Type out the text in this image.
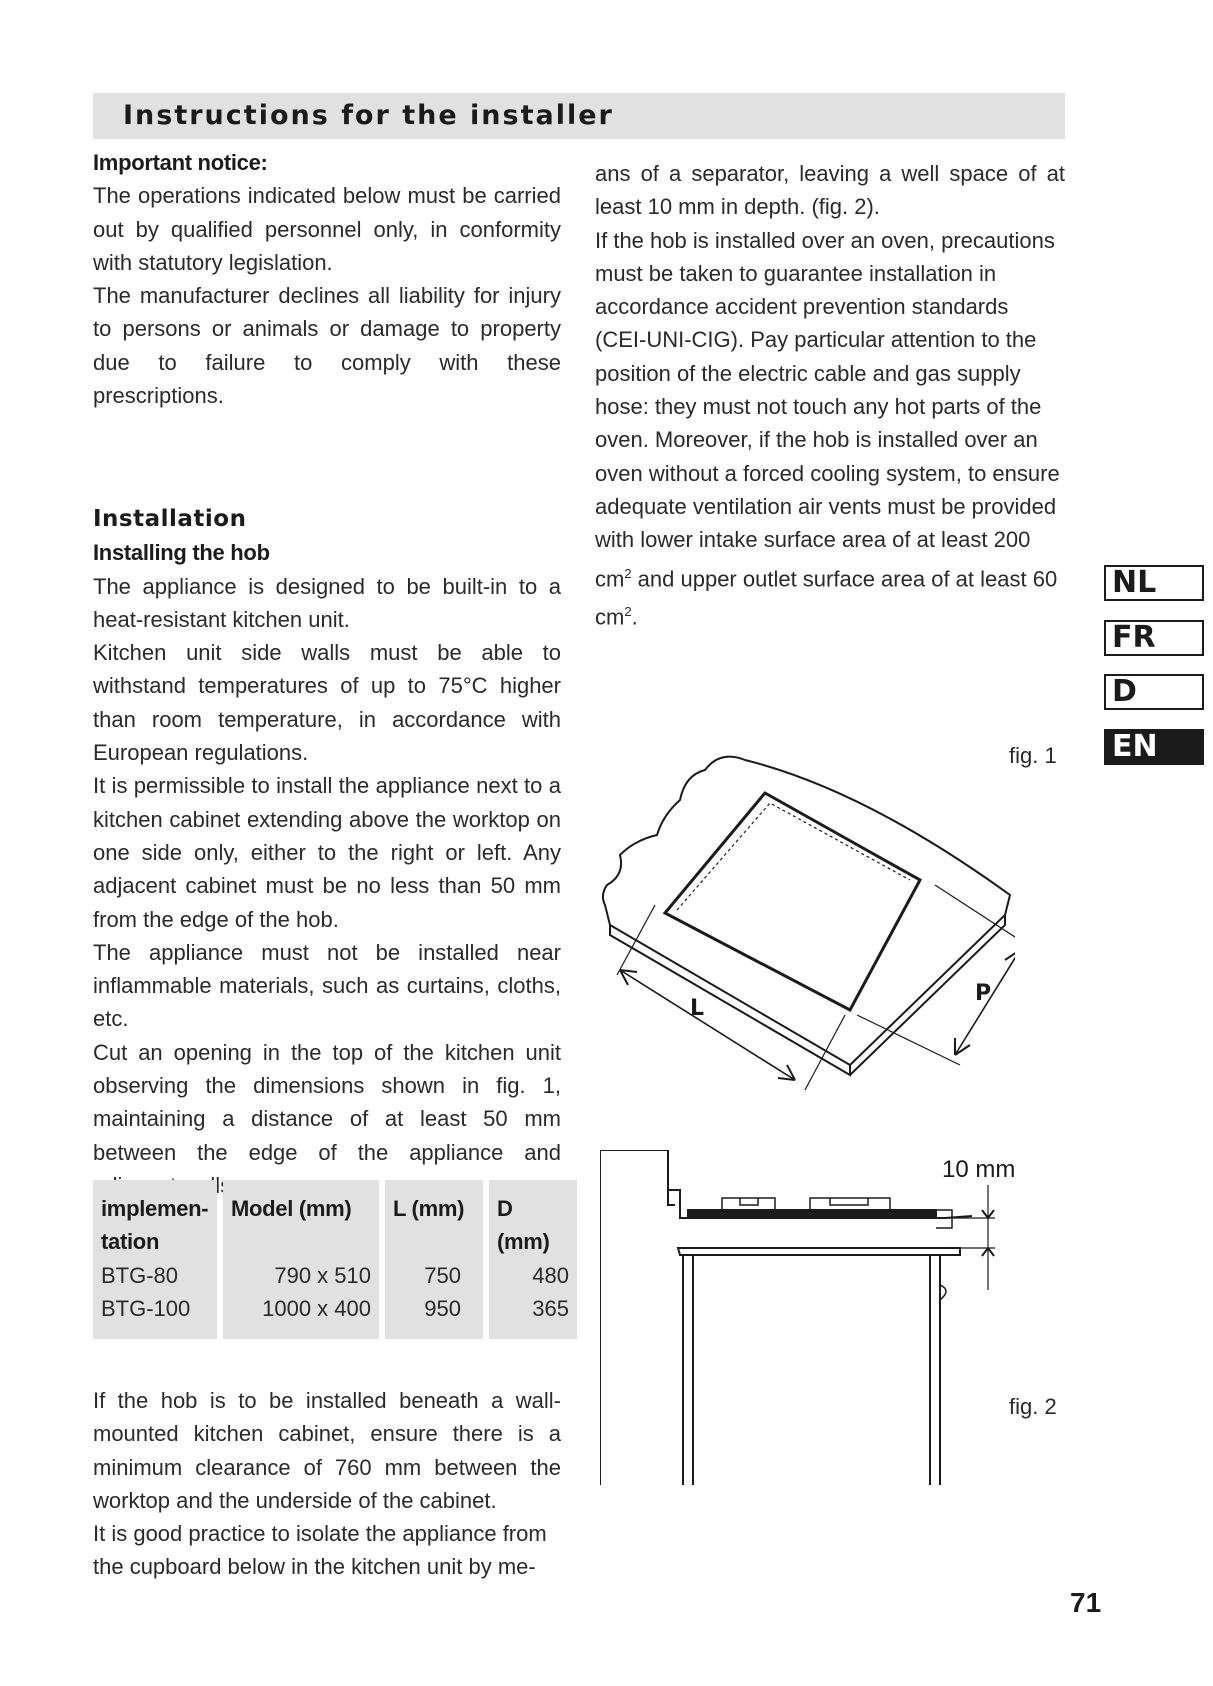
Instructions for the installer

Important notice:

The operations indicated below must be carried out by qualified personnel only, in conformity with statutory legislation.

The manufacturer declines all liability for injury to persons or animals or damage to property due to failure to comply with these prescriptions.

Installation

Installing the hob

The appliance is designed to be built-in to a heat-resistant kitchen unit.

Kitchen unit side walls must be able to withstand temperatures of up to 75°C higher than room temperature, in accordance with European regulations.

It is permissible to install the appliance next to a kitchen cabinet extending above the worktop on one side only, either to the right or left. Any adjacent cabinet must be no less than 50 mm from the edge of the hob.

The appliance must not be installed near inflammable materials, such as curtains, cloths, etc.

Cut an opening in the top of the kitchen unit observing the dimensions shown in fig. 1, maintaining a distance of at least 50 mm between the edge of the appliance and

implemen-tation	Model (mm)	L (mm)	D (mm)
BTG-80	790 x 510	750	480
BTG-100	1000 x 400	950	365

If the hob is to be installed beneath a wall-mounted kitchen cabinet, ensure there is a minimum clearance of 760 mm between the worktop and the underside of the cabinet.

It is good practice to isolate the appliance from the cupboard below in the kitchen unit by me-

ans of a separator, leaving a well space of at least 10 mm in depth. (fig. 2).

If the hob is installed over an oven, precautions must be taken to guarantee installation in accordance accident prevention standards (CEI-UNI-CIG). Pay particular attention to the position of the electric cable and gas supply hose: they must not touch any hot parts of the oven. Moreover, if the hob is installed over an oven without a forced cooling system, to ensure adequate ventilation air vents must be provided with lower intake surface area of at least 200 $cm^2$ and upper outlet surface area of at least 60 $cm^2$.

NL
FR
D
EN
fig. 1
L
P
10 mm
fig. 2
71
